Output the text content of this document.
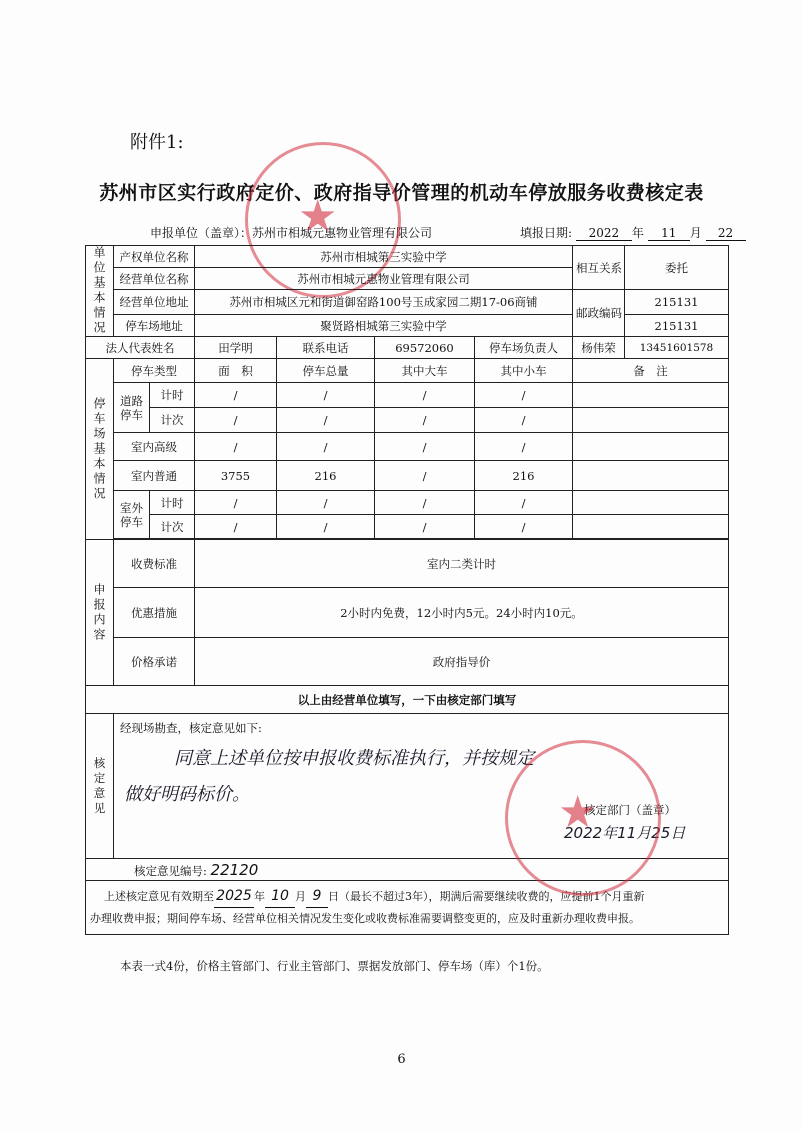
附件1:
苏州市区实行政府定价、政府指导价管理的机动车停放服务收费核定表
申报单位（盖章）：苏州市相城元惠物业管理有限公司	填报日期: 2022 年 11 月 22
★
单位基本情况	产权单位名称		苏州市相城第三实验中学				相互关系	委托
	经营单位名称		苏州市相城元惠物业管理有限公司					
	经营单位地址		苏州市相城区元和街道御窑路100号玉成家园二期17-06商铺				邮政编码	215131
	停车场地址		聚贤路相城第三实验中学					215131
法人代表姓名			田学明	联系电话	69572060	停车场负责人	杨伟荣	13451601578
停车场基本情况	停车类型		面　积	停车总量	其中大车	其中小车	备　注	
	道路停车	计时	/	/	/	/		
		计次	/	/	/	/		
	室内高级		/	/	/	/		
	室内普通		3755	216	/	216		
	室外停车	计时	/	/	/	/		
		计次	/	/	/	/		

申报内容	收费标准		室内二类计时					
	优惠措施		2小时内免费，12小时内5元。24小时内10元。					
	价格承诺		政府指导价					
以上由经营单位填写，一下由核定部门填写								
核定意见	经现场勘查，核定意见如下:
同意上述单位按申报收费标准执行，并按规定
做好明码标价。
核定部门（盖章）
2022年11月25日							

核定意见编号: 22120								
上述核定意见有效期至 2025 年 10 月 9 日（最长不超过3年），期满后需要继续收费的，应提前1个月重新
办理收费申报；期间停车场、经营单位相关情况发生变化或收费标准需要调整变更的，应及时重新办理收费申报。								
★
本表一式4份，价格主管部门、行业主管部门、票据发放部门、停车场（库）个1份。
6
